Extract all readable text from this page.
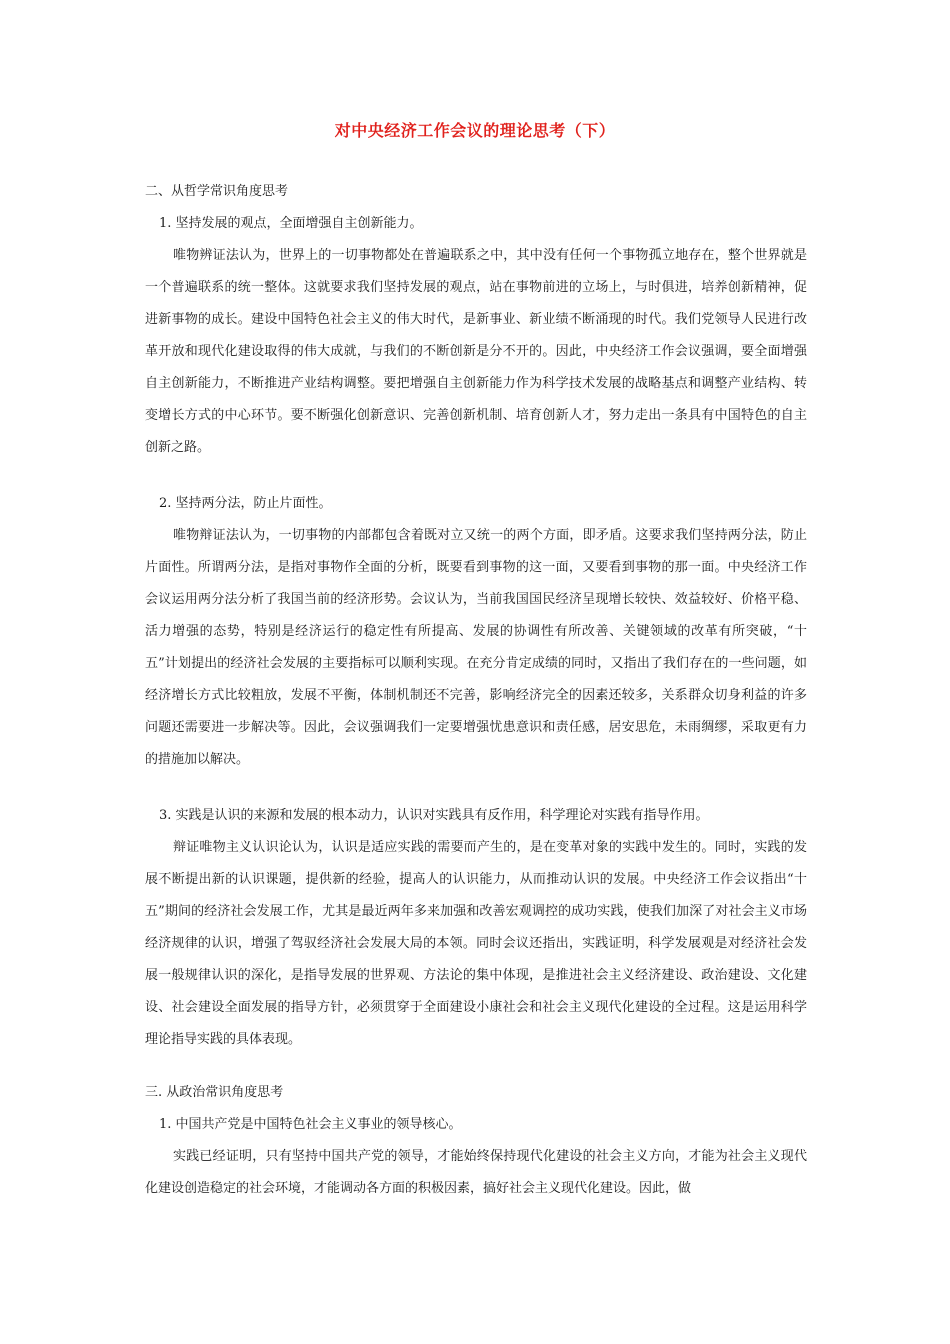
对中央经济工作会议的理论思考（下）
二、从哲学常识角度思考
1. 坚持发展的观点，全面增强自主创新能力。

唯物辨证法认为，世界上的一切事物都处在普遍联系之中，其中没有任何一个事物孤立地存在，整个世界就是一个普遍联系的统一整体。这就要求我们坚持发展的观点，站在事物前进的立场上，与时俱进，培养创新精神，促进新事物的成长。建设中国特色社会主义的伟大时代，是新事业、新业绩不断涌现的时代。我们党领导人民进行改革开放和现代化建设取得的伟大成就，与我们的不断创新是分不开的。因此，中央经济工作会议强调，要全面增强自主创新能力，不断推进产业结构调整。要把增强自主创新能力作为科学技术发展的战略基点和调整产业结构、转变增长方式的中心环节。要不断强化创新意识、完善创新机制、培育创新人才，努力走出一条具有中国特色的自主创新之路。

2. 坚持两分法，防止片面性。

唯物辩证法认为，一切事物的内部都包含着既对立又统一的两个方面，即矛盾。这要求我们坚持两分法，防止片面性。所谓两分法，是指对事物作全面的分析，既要看到事物的这一面，又要看到事物的那一面。中央经济工作会议运用两分法分析了我国当前的经济形势。会议认为，当前我国国民经济呈现增长较快、效益较好、价格平稳、活力增强的态势，特别是经济运行的稳定性有所提高、发展的协调性有所改善、关键领域的改革有所突破，“十五”计划提出的经济社会发展的主要指标可以顺利实现。在充分肯定成绩的同时，又指出了我们存在的一些问题，如经济增长方式比较粗放，发展不平衡，体制机制还不完善，影响经济完全的因素还较多，关系群众切身利益的许多问题还需要进一步解决等。因此，会议强调我们一定要增强忧患意识和责任感，居安思危，未雨绸缪，采取更有力的措施加以解决。

3. 实践是认识的来源和发展的根本动力，认识对实践具有反作用，科学理论对实践有指导作用。

辩证唯物主义认识论认为，认识是适应实践的需要而产生的，是在变革对象的实践中发生的。同时，实践的发展不断提出新的认识课题，提供新的经验，提高人的认识能力，从而推动认识的发展。中央经济工作会议指出“十五”期间的经济社会发展工作，尤其是最近两年多来加强和改善宏观调控的成功实践，使我们加深了对社会主义市场经济规律的认识，增强了驾驭经济社会发展大局的本领。同时会议还指出，实践证明，科学发展观是对经济社会发展一般规律认识的深化，是指导发展的世界观、方法论的集中体现，是推进社会主义经济建设、政治建设、文化建设、社会建设全面发展的指导方针，必须贯穿于全面建设小康社会和社会主义现代化建设的全过程。这是运用科学理论指导实践的具体表现。

三. 从政治常识角度思考
1. 中国共产党是中国特色社会主义事业的领导核心。

实践已经证明，只有坚持中国共产党的领导，才能始终保持现代化建设的社会主义方向，才能为社会主义现代化建设创造稳定的社会环境，才能调动各方面的积极因素，搞好社会主义现代化建设。因此，做
